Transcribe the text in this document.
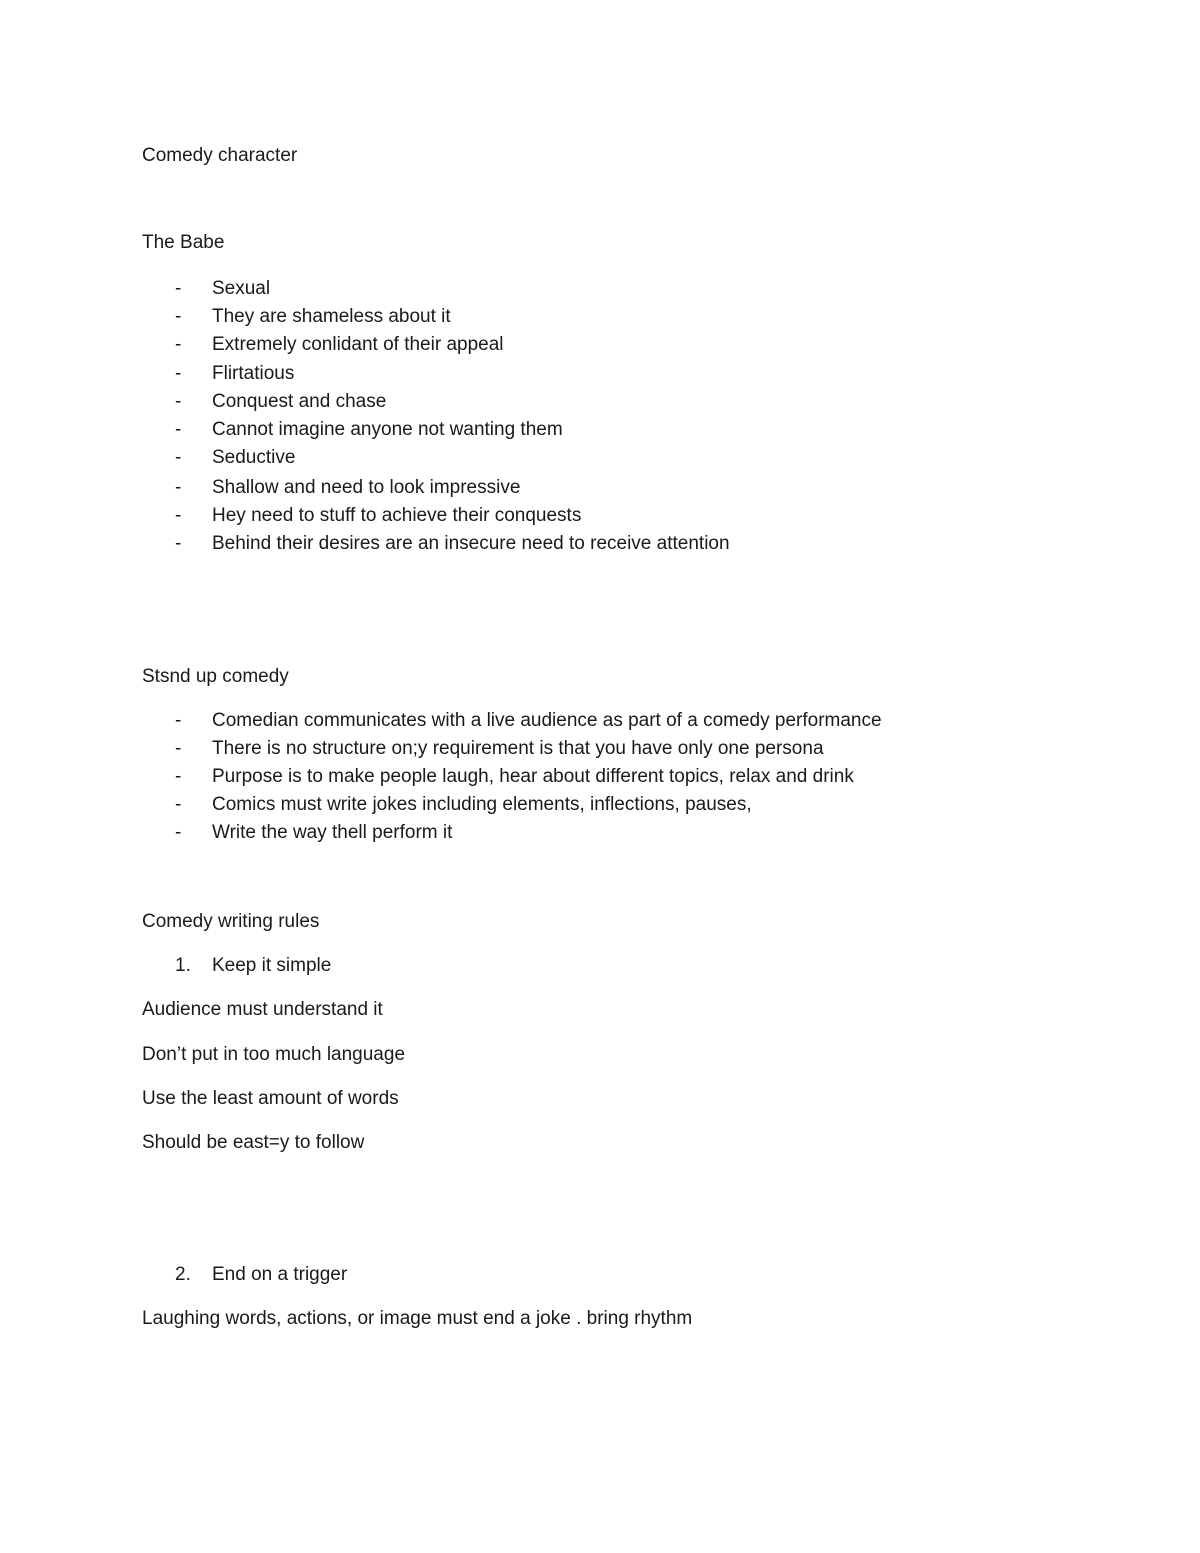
Comedy character
The Babe
- Sexual
- They are shameless about it
- Extremely conlidant of their appeal
- Flirtatious
- Conquest and chase
- Cannot imagine anyone not wanting them
- Seductive
- Shallow and need to look impressive
- Hey need to stuff to achieve their conquests
- Behind their desires are an insecure need to receive attention
Stsnd up comedy
- Comedian communicates with a live audience as part of a comedy performance
- There is no structure on;y requirement is that you have only one persona
- Purpose is to make people laugh, hear about different topics, relax and drink
- Comics must write jokes including elements, inflections, pauses,
- Write the way thell perform it
Comedy writing rules
1. Keep it simple
Audience must understand it
Don’t put in too much language
Use the least amount of words
Should be east=y to follow
2. End on a trigger
Laughing words, actions, or image must end a joke . bring rhythm
